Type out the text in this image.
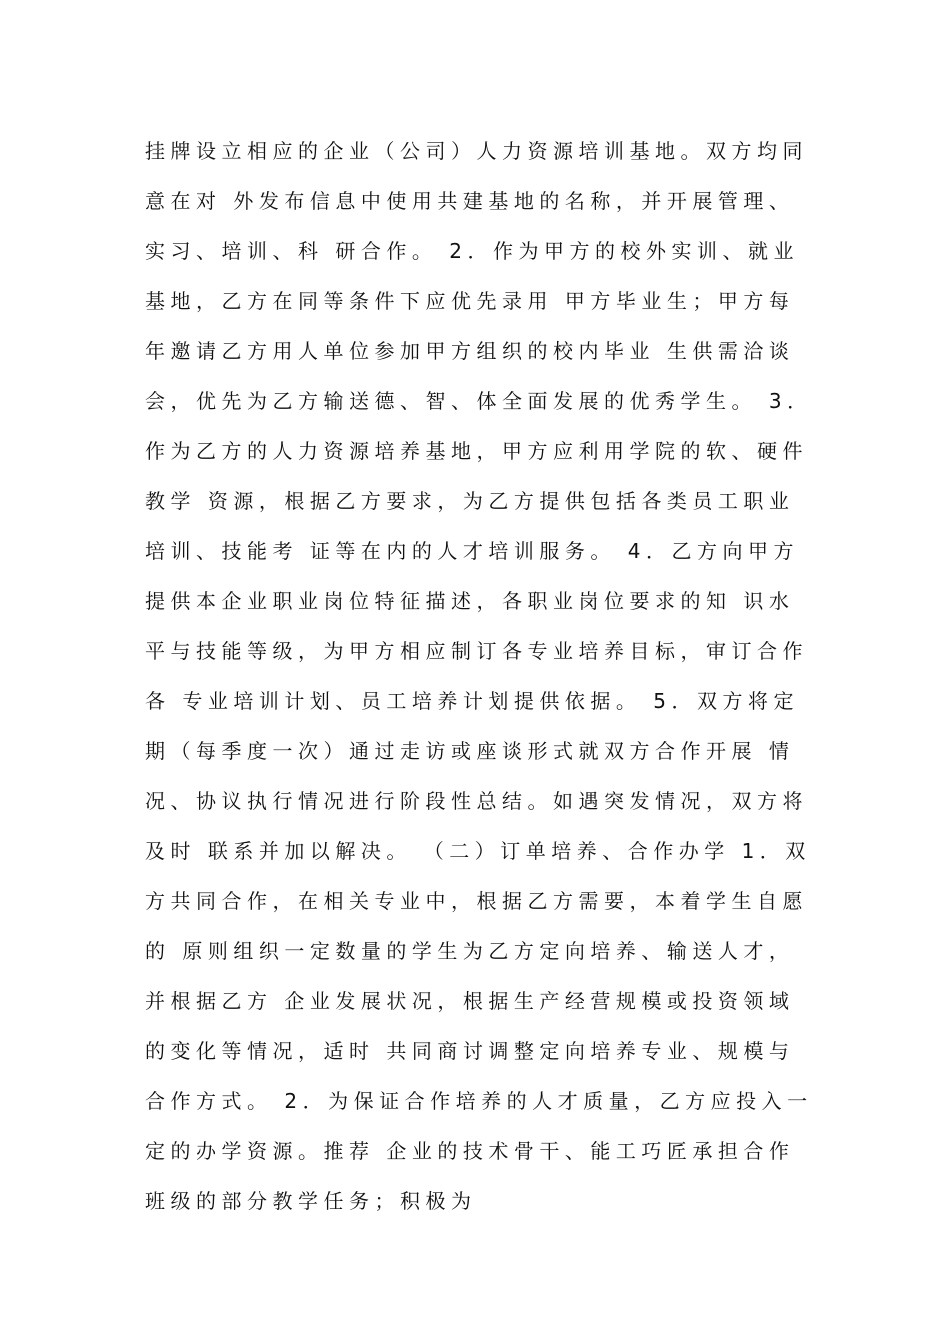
挂牌设立相应的企业（公司）人力资源培训基地。双方均同意在对 外发布信息中使用共建基地的名称，并开展管理、实习、培训、科 研合作。 2．作为甲方的校外实训、就业基地，乙方在同等条件下应优先录用 甲方毕业生；甲方每年邀请乙方用人单位参加甲方组织的校内毕业 生供需洽谈会，优先为乙方输送德、智、体全面发展的优秀学生。 3．作为乙方的人力资源培养基地，甲方应利用学院的软、硬件教学 资源，根据乙方要求，为乙方提供包括各类员工职业培训、技能考 证等在内的人才培训服务。 4．乙方向甲方提供本企业职业岗位特征描述，各职业岗位要求的知 识水平与技能等级，为甲方相应制订各专业培养目标，审订合作各 专业培训计划、员工培养计划提供依据。 5．双方将定期（每季度一次）通过走访或座谈形式就双方合作开展 情况、协议执行情况进行阶段性总结。如遇突发情况，双方将及时 联系并加以解决。 （二）订单培养、合作办学 1．双方共同合作，在相关专业中，根据乙方需要，本着学生自愿的 原则组织一定数量的学生为乙方定向培养、输送人才，并根据乙方 企业发展状况，根据生产经营规模或投资领域的变化等情况，适时 共同商讨调整定向培养专业、规模与合作方式。 2．为保证合作培养的人才质量，乙方应投入一定的办学资源。推荐 企业的技术骨干、能工巧匠承担合作班级的部分教学任务；积极为
